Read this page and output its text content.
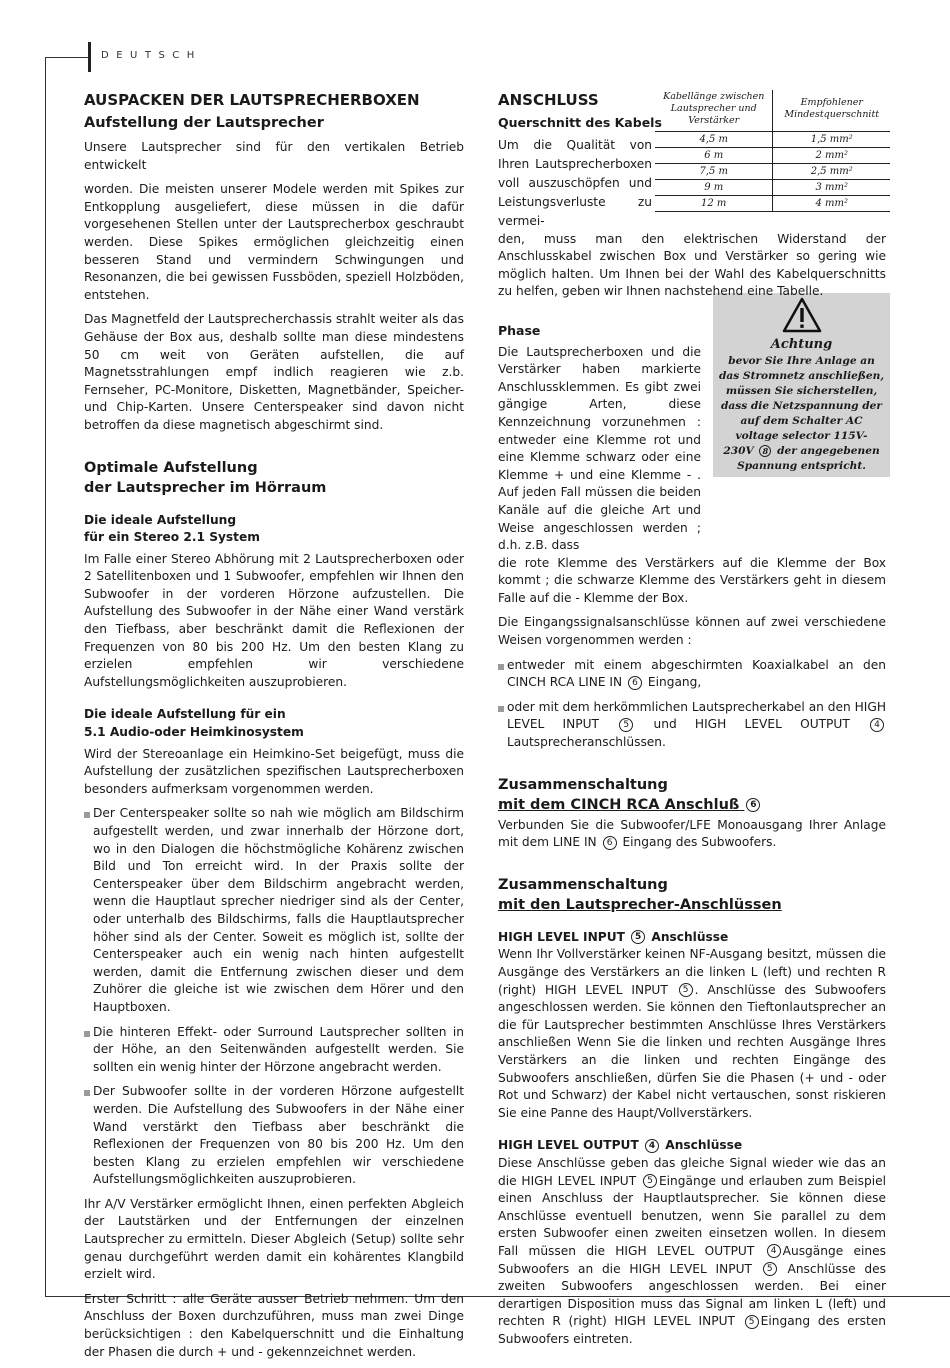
DEUTSCH
AUSPACKEN DER LAUTSPRECHERBOXEN
Aufstellung der Lautsprecher

Unsere Lautsprecher sind für den vertikalen Betrieb entwickelt

worden. Die meisten unserer Modele werden mit Spikes zur Entkopplung ausgeliefert, diese müssen in die dafür vorgesehenen Stellen unter der Lautsprecherbox geschraubt werden. Diese Spikes ermöglichen gleichzeitig einen besseren Stand und vermindern Schwingungen und Resonanzen, die bei gewissen Fussböden, speziell Holzböden, entstehen.

Das Magnetfeld der Lautsprecherchassis strahlt weiter als das Gehäuse der Box aus, deshalb sollte man diese mindestens 50 cm weit von Geräten aufstellen, die auf Magnetsstrahlungen empf indlich reagieren wie z.b. Fernseher, PC-Monitore, Disketten, Magnetbänder, Speicher-und Chip-Karten. Unsere Centerspeaker sind davon nicht betroffen da diese magnetisch abgeschirmt sind.

Optimale Aufstellung
der Lautsprecher im Hörraum
Die ideale Aufstellung
für ein Stereo 2.1 System

Im Falle einer Stereo Abhörung mit 2 Lautsprecherboxen oder 2 Satellitenboxen und 1 Subwoofer, empfehlen wir Ihnen den Subwoofer in der vorderen Hörzone aufzustellen. Die Aufstellung des Subwoofer in der Nähe einer Wand verstärk den Tiefbass, aber beschränkt damit die Reflexionen der Frequenzen von 80 bis 200 Hz. Um den besten Klang zu erzielen empfehlen wir verschiedene Aufstellungsmöglichkeiten auszuprobieren.

Die ideale Aufstellung für ein
5.1 Audio-oder Heimkinosystem

Wird der Stereoanlage ein Heimkino-Set beigefügt, muss die Aufstellung der zusätzlichen spezifischen Lautsprecherboxen besonders aufmerksam vorgenommen werden.

Der Centerspeaker sollte so nah wie möglich am Bildschirm aufgestellt werden, und zwar innerhalb der Hörzone dort, wo in den Dialogen die höchstmögliche Kohärenz zwischen Bild und Ton erreicht wird. In der Praxis sollte der Centerspeaker über dem Bildschirm angebracht werden, wenn die Hauptlaut sprecher niedriger sind als der Center, oder unterhalb des Bildschirms, falls die Hauptlautsprecher höher sind als der Center. Soweit es möglich ist, sollte der Centerspeaker auch ein wenig nach hinten aufgestellt werden, damit die Entfernung zwischen dieser und dem Zuhörer die gleiche ist wie zwischen dem Hörer und den Hauptboxen.
Die hinteren Effekt- oder Surround Lautsprecher sollten in der Höhe, an den Seitenwänden aufgestellt werden. Sie sollten ein wenig hinter der Hörzone angebracht werden.
Der Subwoofer sollte in der vorderen Hörzone aufgestellt werden. Die Aufstellung des Subwoofers in der Nähe einer Wand verstärkt den Tiefbass aber beschränkt die Reflexionen der Frequenzen von 80 bis 200 Hz. Um den besten Klang zu erzielen empfehlen wir verschiedene Aufstellungsmöglichkeiten auszuprobieren.

Ihr A/V Verstärker ermöglicht Ihnen, einen perfekten Abgleich der Lautstärken und der Entfernungen der einzelnen Lautsprecher zu ermitteln. Dieser Abgleich (Setup) sollte sehr genau durchgeführt werden damit ein kohärentes Klangbild erzielt wird.

Erster Schritt : alle Geräte ausser Betrieb nehmen. Um den Anschluss der Boxen durchzuführen, muss man zwei Dinge berücksichtigen : den Kabelquerschnitt und die Einhaltung der Phasen die durch + und - gekennzeichnet werden.

Kabellänge zwischen Lautsprecher und Verstärker	Empfohlener Mindestquerschnitt
4,5 m	1,5 mm²
6 m	2 mm²
7,5 m	2,5 mm²
9 m	3 mm²
12 m	4 mm²
Achtung
bevor Sie Ihre Anlage an das Stromnetz anschließen, müssen Sie sicherstellen, dass die Netzspannung der auf dem Schalter AC voltage selector 115V- 230V 8 der angegebenen Spannung entspricht.
ANSCHLUSS
Querschnitt des Kabels

Um die Qualität von Ihren Lautsprecherboxen voll auszuschöpfen und Leistungsverluste zu vermei-

den, muss man den elektrischen Widerstand der Anschlusskabel zwischen Box und Verstärker so gering wie möglich halten. Um Ihnen bei der Wahl des Kabelquerschnitts zu helfen, geben wir Ihnen nachstehend eine Tabelle.

Phase

Die Lautsprecherboxen und die Verstärker haben markierte Anschlussklemmen. Es gibt zwei gängige Arten, diese Kennzeichnung vorzunehmen : entweder eine Klemme rot und eine Klemme schwarz oder eine Klemme + und eine Klemme - . Auf jeden Fall müssen die beiden Kanäle auf die gleiche Art und Weise angeschlossen werden ; d.h. z.B. dass

die rote Klemme des Verstärkers auf die Klemme der Box kommt ; die schwarze Klemme des Verstärkers geht in diesem Falle auf die - Klemme der Box.

Die Eingangssignalsanschlüsse können auf zwei verschiedene Weisen vorgenommen werden :

entweder mit einem abgeschirmten Koaxialkabel an den CINCH RCA LINE IN 6 Eingang,
oder mit dem herkömmlichen Lautsprecherkabel an den HIGH LEVEL INPUT	5 und HIGH LEVEL OUTPUT	4 Lautsprecheranschlüssen.
Zusammenschaltung
mit dem CINCH RCA Anschluß 6

Verbunden Sie die Subwoofer/LFE Monoausgang Ihrer Anlage mit dem LINE IN 6 Eingang des Subwoofers.

Zusammenschaltung
mit den Lautsprecher-Anschlüssen
HIGH LEVEL INPUT 5 Anschlüsse

Wenn Ihr Vollverstärker keinen NF-Ausgang besitzt, müssen die Ausgänge des Verstärkers an die linken L (left) und rechten R (right) HIGH LEVEL INPUT 5 . Anschlüsse des Subwoofers angeschlossen werden. Sie können den Tieftonlautsprecher an die für Lautsprecher bestimmten Anschlüsse Ihres Verstärkers anschließen Wenn Sie die linken und rechten Ausgänge Ihres Verstärkers an die linken und rechten Eingänge des Subwoofers anschließen, dürfen Sie die Phasen (+ und - oder Rot und Schwarz) der Kabel nicht vertauschen, sonst riskieren Sie eine Panne des Haupt/Vollverstärkers.

HIGH LEVEL OUTPUT 4 Anschlüsse

Diese Anschlüsse geben das gleiche Signal wieder wie das an die HIGH LEVEL INPUT 5 Eingänge und erlauben zum Beispiel einen Anschluss der Hauptlautsprecher. Sie können diese Anschlüsse eventuell benutzen, wenn Sie parallel zu dem ersten Subwoofer einen zweiten einsetzen wollen. In diesem Fall müssen die HIGH LEVEL OUTPUT 4 Ausgänge eines Subwoofers an die HIGH LEVEL INPUT 5 Anschlüsse des zweiten Subwoofers angeschlossen werden. Bei einer derartigen Disposition muss das Signal am linken L (left) und rechten R (right) HIGH LEVEL INPUT 5 Eingang des ersten Subwoofers eintreten.
